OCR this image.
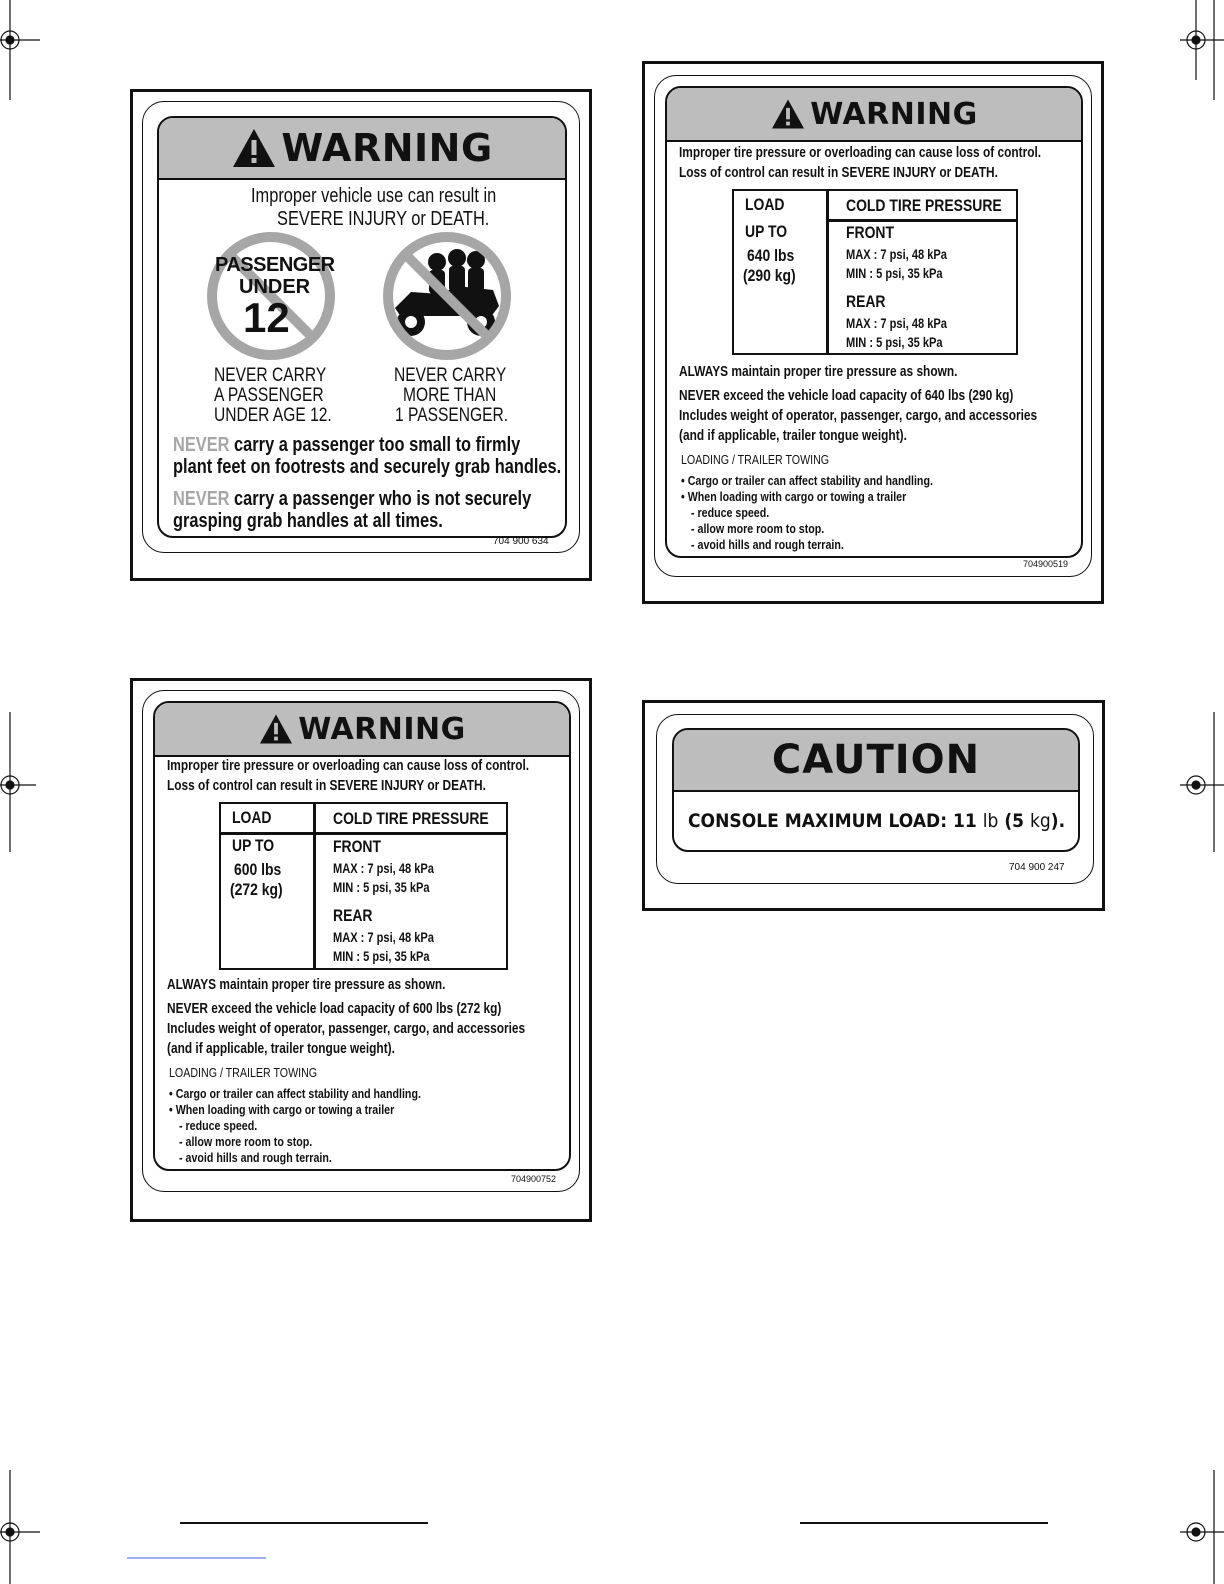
WARNING
Improper vehicle use can result in
SEVERE INJURY or DEATH.
PASSENGER
UNDER
12
NEVER CARRY
A PASSENGER
UNDER AGE 12.
NEVER CARRY
MORE THAN
1 PASSENGER.
NEVER carry a passenger too small to firmly
plant feet on footrests and securely grab handles.
NEVER carry a passenger who is not securely
grasping grab handles at all times.
704 900 634
WARNING
Improper tire pressure or overloading can cause loss of control.
Loss of control can result in SEVERE INJURY or DEATH.
LOAD	COLD TIRE PRESSURE
UP TO
640 lbs
(290 kg)
FRONT
MAX : 7 psi, 48 kPa
MIN : 5 psi, 35 kPa
REAR
MAX : 7 psi, 48 kPa
MIN : 5 psi, 35 kPa
ALWAYS maintain proper tire pressure as shown.
NEVER exceed the vehicle load capacity of 640 lbs (290 kg)
Includes weight of operator, passenger, cargo, and accessories
(and if applicable, trailer tongue weight).
LOADING / TRAILER TOWING
• Cargo or trailer can affect stability and handling.
• When loading with cargo or towing a trailer
- reduce speed.
- allow more room to stop.
- avoid hills and rough terrain.
704900519
WARNING
Improper tire pressure or overloading can cause loss of control.
Loss of control can result in SEVERE INJURY or DEATH.
LOAD	COLD TIRE PRESSURE
UP TO
600 lbs
(272 kg)
FRONT
MAX : 7 psi, 48 kPa
MIN : 5 psi, 35 kPa
REAR
MAX : 7 psi, 48 kPa
MIN : 5 psi, 35 kPa
ALWAYS maintain proper tire pressure as shown.
NEVER exceed the vehicle load capacity of 600 lbs (272 kg)
Includes weight of operator, passenger, cargo, and accessories
(and if applicable, trailer tongue weight).
LOADING / TRAILER TOWING
• Cargo or trailer can affect stability and handling.
• When loading with cargo or towing a trailer
- reduce speed.
- allow more room to stop.
- avoid hills and rough terrain.
704900752
CAUTION
CONSOLE MAXIMUM LOAD: 11 lb (5 kg).
704 900 247
